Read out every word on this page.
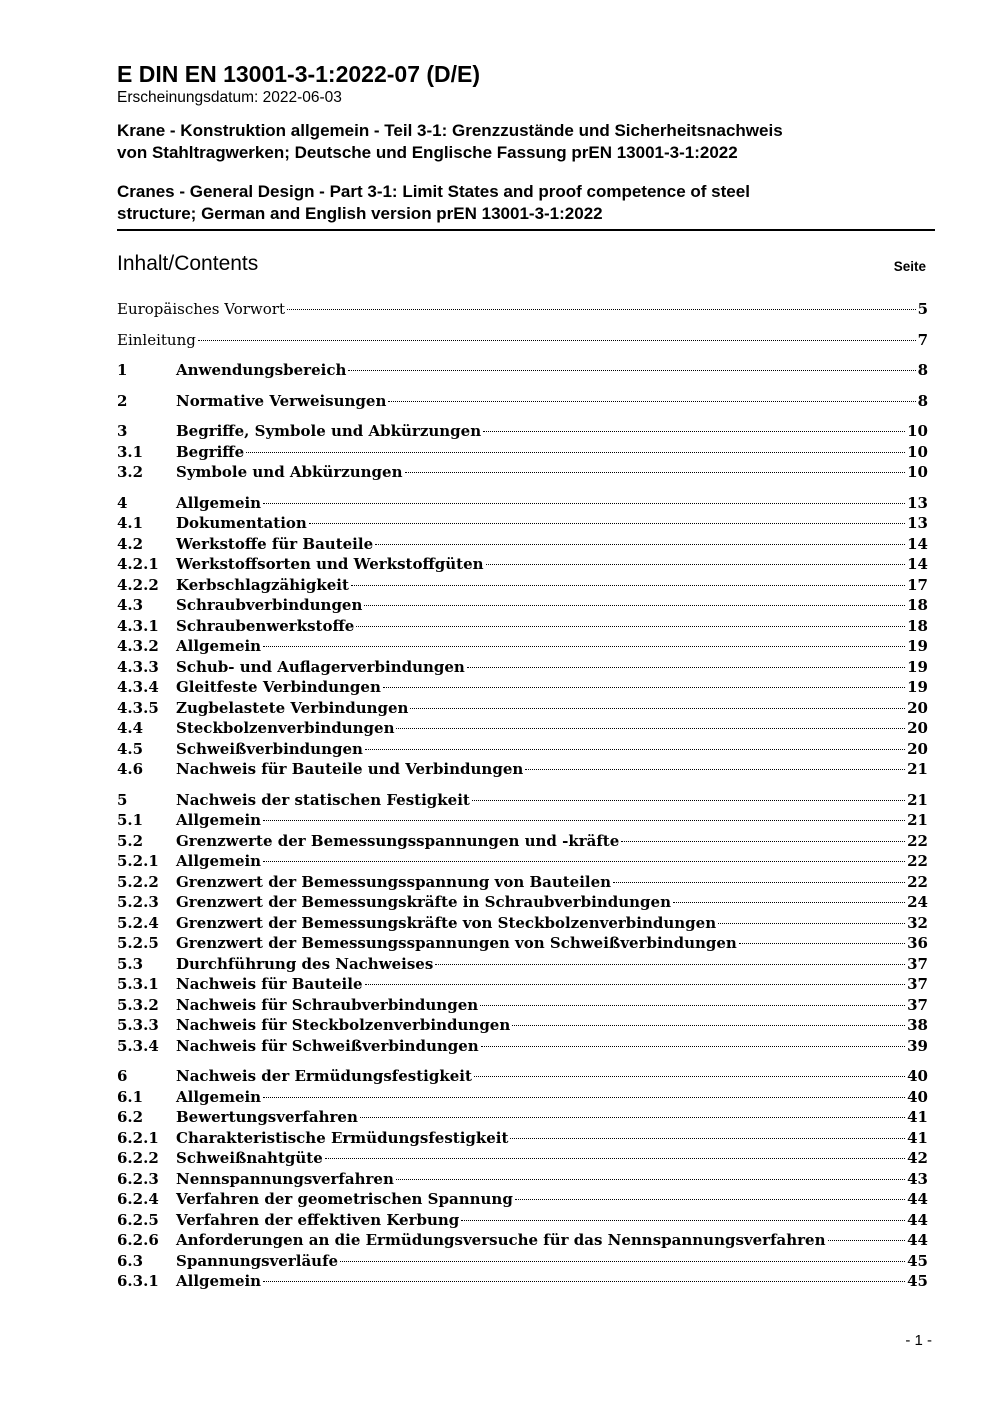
E DIN EN 13001-3-1:2022-07 (D/E)
Erscheinungsdatum: 2022-06-03
Krane - Konstruktion allgemein - Teil 3-1: Grenzzustände und Sicherheitsnachweis
von Stahltragwerken; Deutsche und Englische Fassung prEN 13001-3-1:2022
Cranes - General Design - Part 3-1: Limit States and proof competence of steel
structure; German and English version prEN 13001-3-1:2022
Inhalt/Contents	Seite
Europäisches Vorwort	5
Einleitung	7
1	Anwendungsbereich	8
2	Normative Verweisungen	8
3	Begriffe, Symbole und Abkürzungen	10
3.1	Begriffe	10
3.2	Symbole und Abkürzungen	10
4	Allgemein	13
4.1	Dokumentation	13
4.2	Werkstoffe für Bauteile	14
4.2.1	Werkstoffsorten und Werkstoffgüten	14
4.2.2	Kerbschlagzähigkeit	17
4.3	Schraubverbindungen	18
4.3.1	Schraubenwerkstoffe	18
4.3.2	Allgemein	19
4.3.3	Schub- und Auflagerverbindungen	19
4.3.4	Gleitfeste Verbindungen	19
4.3.5	Zugbelastete Verbindungen	20
4.4	Steckbolzenverbindungen	20
4.5	Schweißverbindungen	20
4.6	Nachweis für Bauteile und Verbindungen	21
5	Nachweis der statischen Festigkeit	21
5.1	Allgemein	21
5.2	Grenzwerte der Bemessungsspannungen und -kräfte	22
5.2.1	Allgemein	22
5.2.2	Grenzwert der Bemessungsspannung von Bauteilen	22
5.2.3	Grenzwert der Bemessungskräfte in Schraubverbindungen	24
5.2.4	Grenzwert der Bemessungskräfte von Steckbolzenverbindungen	32
5.2.5	Grenzwert der Bemessungsspannungen von Schweißverbindungen	36
5.3	Durchführung des Nachweises	37
5.3.1	Nachweis für Bauteile	37
5.3.2	Nachweis für Schraubverbindungen	37
5.3.3	Nachweis für Steckbolzenverbindungen	38
5.3.4	Nachweis für Schweißverbindungen	39
6	Nachweis der Ermüdungsfestigkeit	40
6.1	Allgemein	40
6.2	Bewertungsverfahren	41
6.2.1	Charakteristische Ermüdungsfestigkeit	41
6.2.2	Schweißnahtgüte	42
6.2.3	Nennspannungsverfahren	43
6.2.4	Verfahren der geometrischen Spannung	44
6.2.5	Verfahren der effektiven Kerbung	44
6.2.6	Anforderungen an die Ermüdungsversuche für das Nennspannungsverfahren	44
6.3	Spannungsverläufe	45
6.3.1	Allgemein	45
- 1 -
